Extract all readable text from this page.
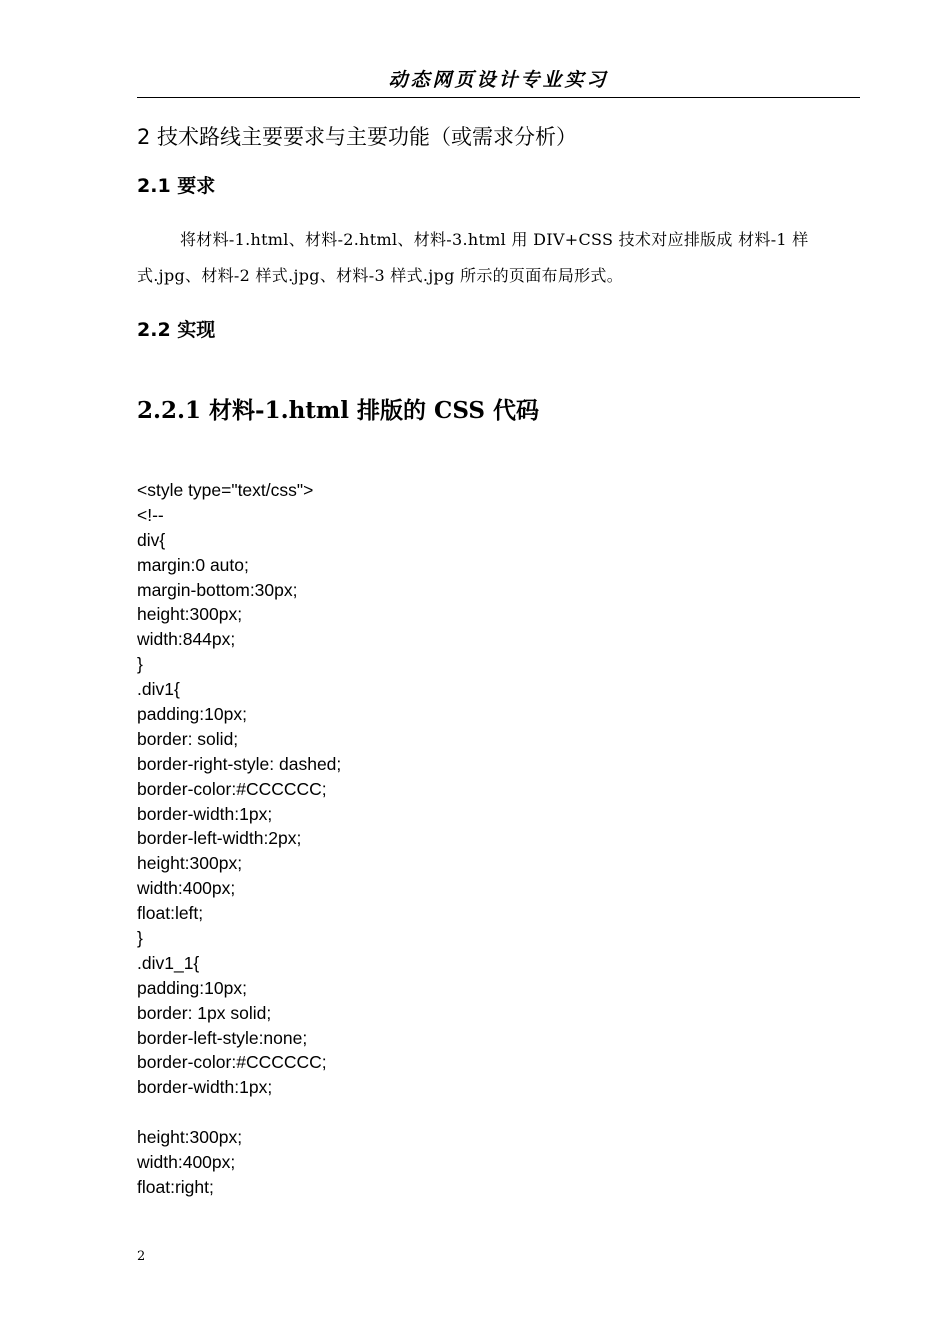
动态网页设计专业实习
2 技术路线主要要求与主要功能（或需求分析）
2.1 要求
将材料-1.html、材料-2.html、材料-3.html 用 DIV+CSS 技术对应排版成 材料-1 样式.jpg、材料-2 样式.jpg、材料-3 样式.jpg 所示的页面布局形式。
2.2 实现
2.2.1 材料-1.html 排版的 CSS 代码
<style type="text/css">
<!--
div{
margin:0 auto;
margin-bottom:30px;
height:300px;
width:844px;
}
.div1{
padding:10px;
border: solid;
border-right-style: dashed;
border-color:#CCCCCC;
border-width:1px;
border-left-width:2px;
height:300px;
width:400px;
float:left;
}
.div1_1{
padding:10px;
border: 1px solid;
border-left-style:none;
border-color:#CCCCCC;
border-width:1px;
height:300px;
width:400px;
float:right;
2
